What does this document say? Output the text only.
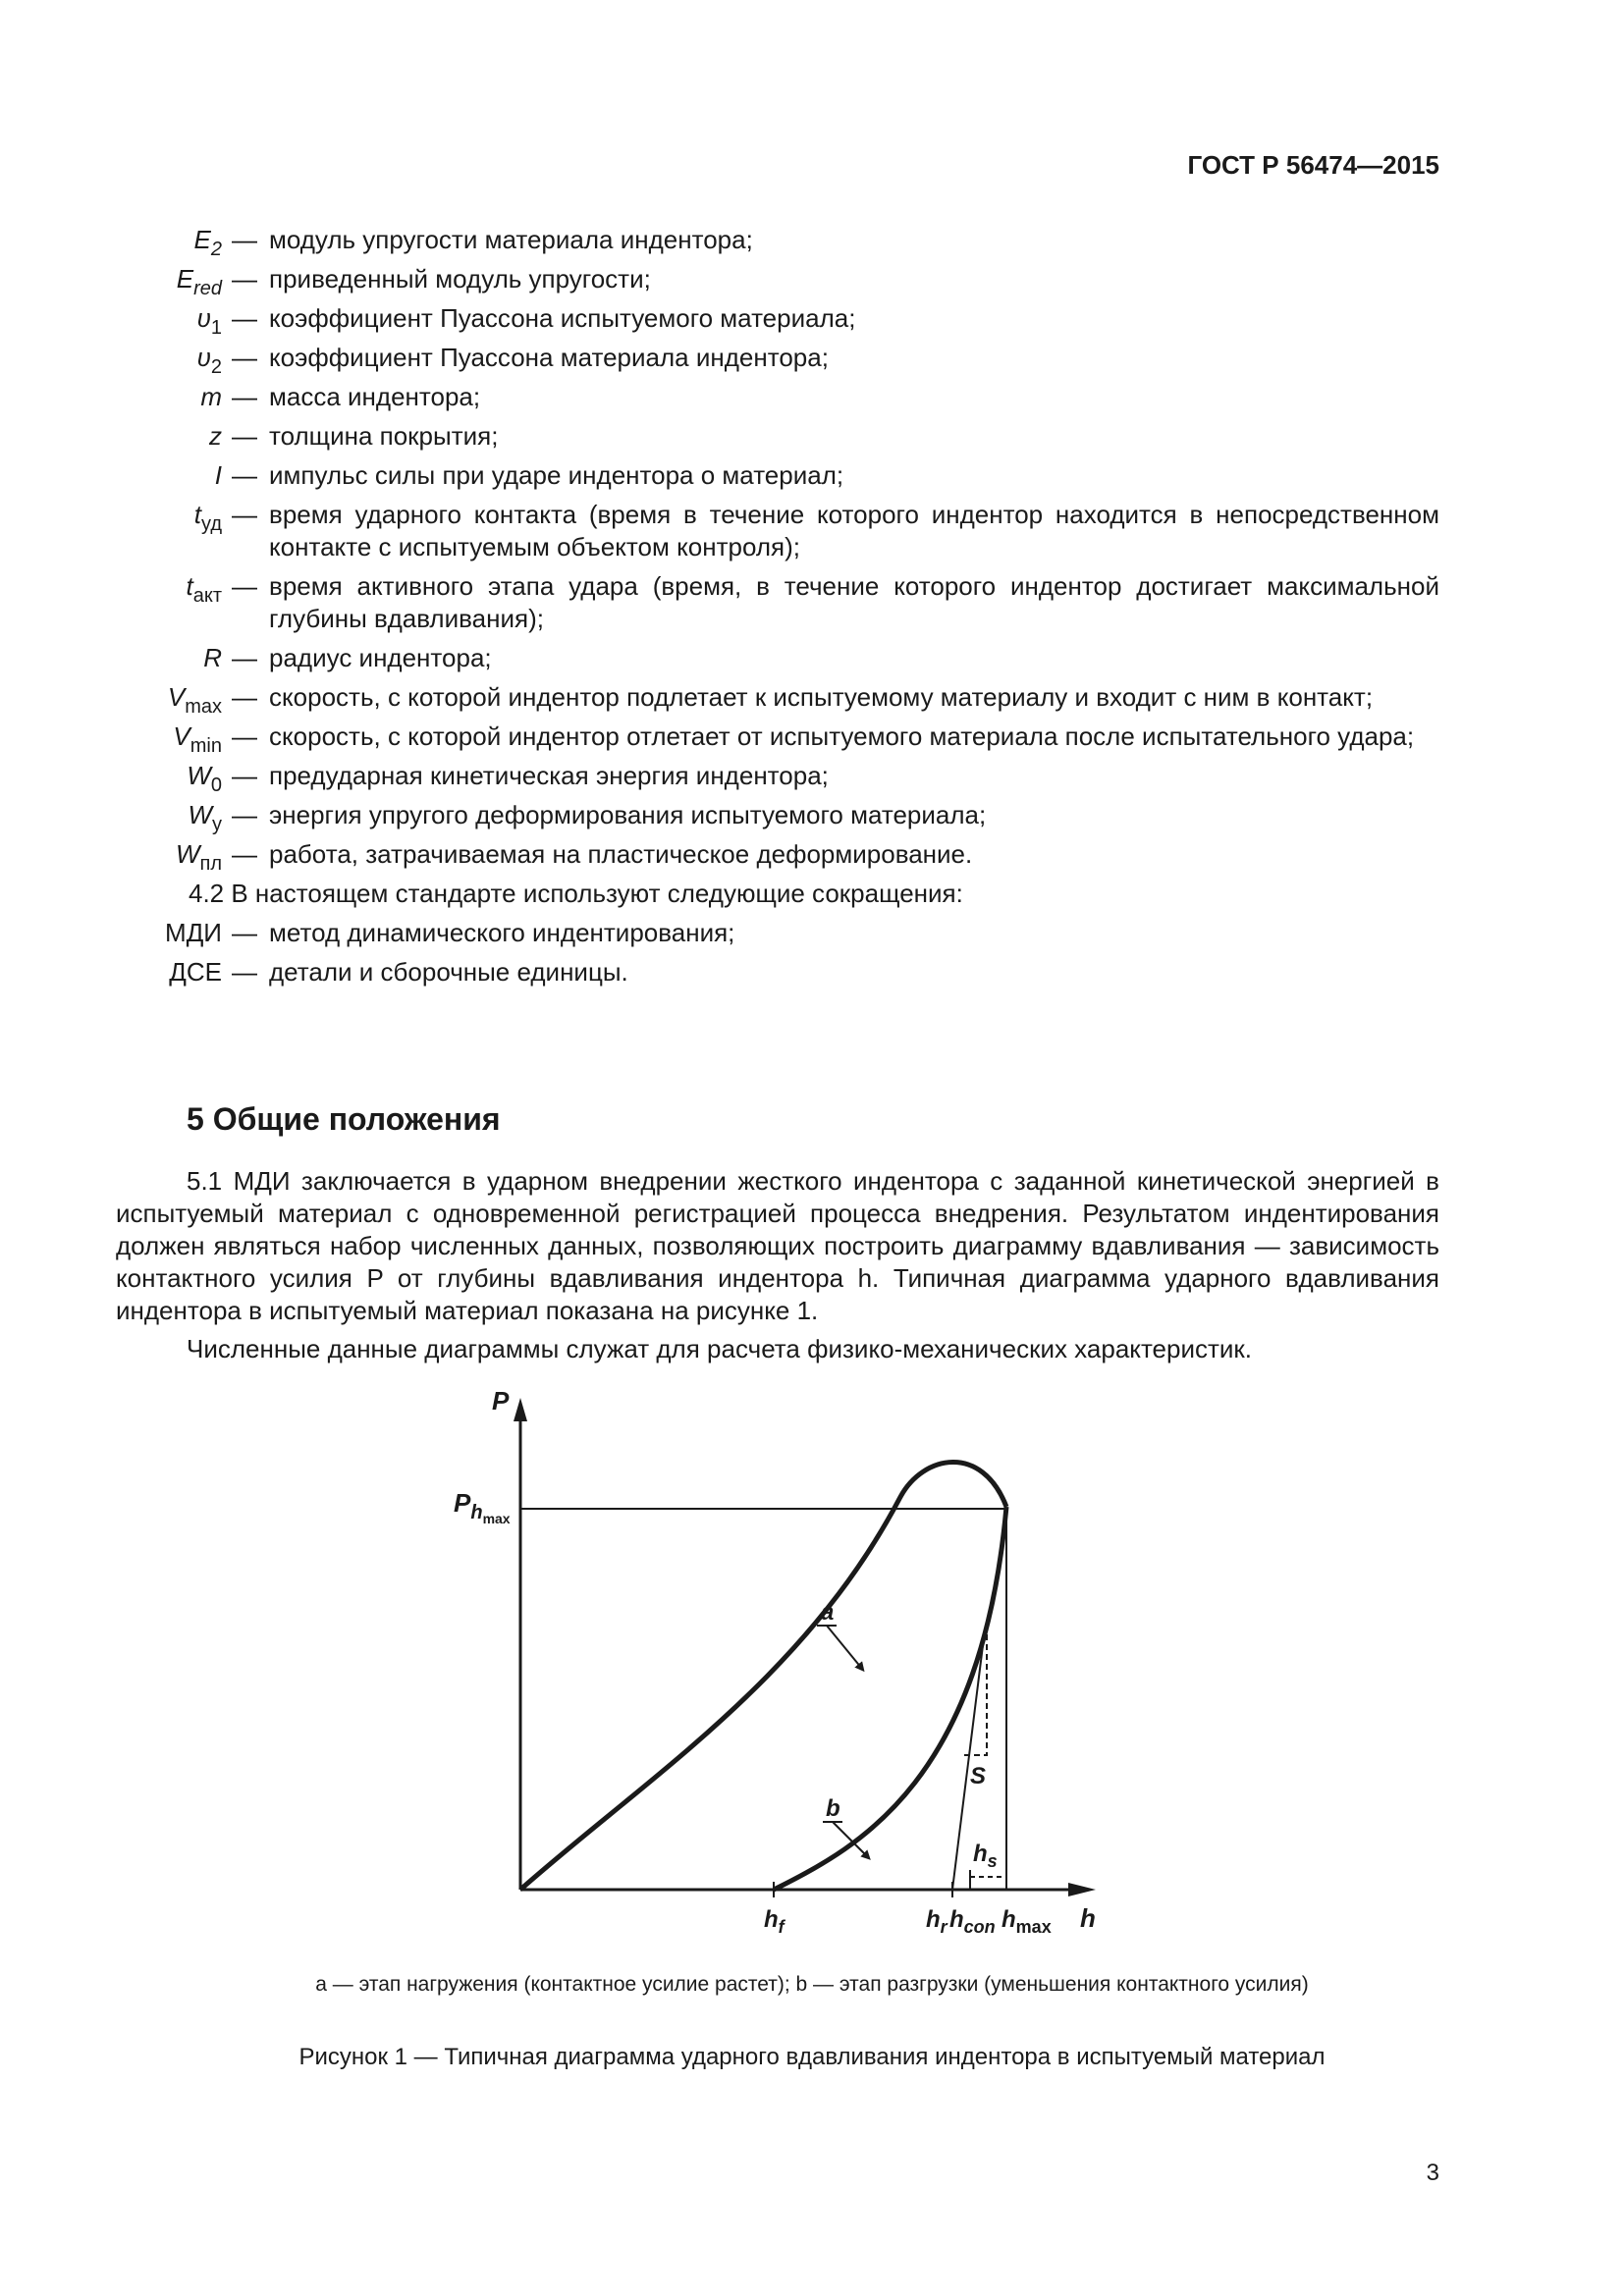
ГОСТ Р 56474—2015
$E_2$ — модуль упругости материала индентора;
$E_{red}$ — приведенный модуль упругости;
$\upsilon_1$ — коэффициент Пуассона испытуемого материала;
$\upsilon_2$ — коэффициент Пуассона материала индентора;
m — масса индентора;
z — толщина покрытия;
I — импульс силы при ударе индентора о материал;
$t_{уд}$ — время ударного контакта (время в течение которого индентор находится в непосредственном контакте с испытуемым объектом контроля);
$t_{акт}$ — время активного этапа удара (время, в течение которого индентор достигает максимальной глубины вдавливания);
R — радиус индентора;
$V_{max}$ — скорость, с которой индентор подлетает к испытуемому материалу и входит с ним в контакт;
$V_{min}$ — скорость, с которой индентор отлетает от испытуемого материала после испытательного удара;
$W_0$ — предударная кинетическая энергия индентора;
$W_у$ — энергия упругого деформирования испытуемого материала;
$W_{пл}$ — работа, затрачиваемая на пластическое деформирование.
4.2 В настоящем стандарте используют следующие сокращения:
МДИ — метод динамического индентирования;
ДСЕ — детали и сборочные единицы.
5 Общие положения

5.1 МДИ заключается в ударном внедрении жесткого индентора с заданной кинетической энергией в испытуемый материал с одновременной регистрацией процесса внедрения. Результатом индентирования должен являться набор численных данных, позволяющих построить диаграмму вдавливания — зависимость контактного усилия P от глубины вдавливания индентора h. Типичная диаграмма ударного вдавливания индентора в испытуемый материал показана на рисунке 1.

Численные данные диаграммы служат для расчета физико-механических характеристик.

P
h
$P_h\max$
a
b
S
$h_s$
$h_f$	$h_r$ $h_{con}$ $h_{max}$
а — этап нагружения (контактное усилие растет); b — этап разгрузки (уменьшения контактного усилия)
Рисунок 1 — Типичная диаграмма ударного вдавливания индентора в испытуемый материал
3
